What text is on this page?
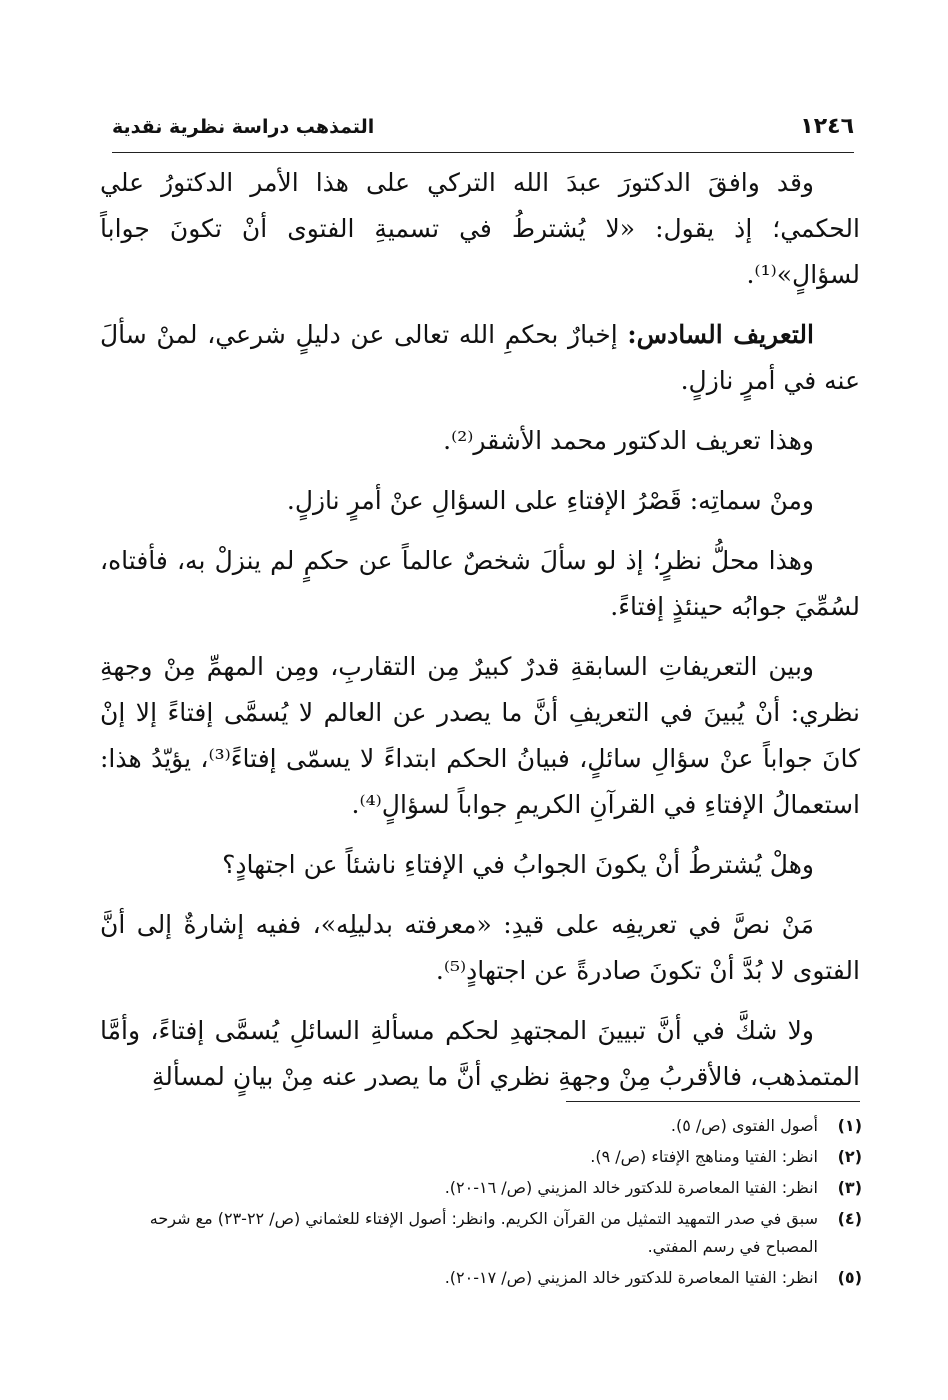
١٢٤٦
التمذهب دراسة نظرية نقدية

وقد وافقَ الدكتورَ عبدَ الله التركي على هذا الأمر الدكتورُ علي الحكمي؛ إذ يقول: «لا يُشترطُ في تسميةِ الفتوى أنْ تكونَ جواباً لسؤالٍ»⁽¹⁾.

التعريف السادس: إخبارٌ بحكمِ الله تعالى عن دليلٍ شرعي، لمنْ سألَ عنه في أمرٍ نازلٍ.

وهذا تعريف الدكتور محمد الأشقر⁽²⁾.

ومنْ سماتِه: قَصْرُ الإفتاءِ على السؤالِ عنْ أمرٍ نازلٍ.

وهذا محلُّ نظرٍ؛ إذ لو سألَ شخصٌ عالماً عن حكمٍ لم ينزلْ به، فأفتاه، لسُمِّيَ جوابُه حينئذٍ إفتاءً.

وبين التعريفاتِ السابقةِ قدرٌ كبيرٌ مِن التقاربِ، ومِن المهمِّ مِنْ وجهةِ نظري: أنْ يُبينَ في التعريفِ أنَّ ما يصدر عن العالم لا يُسمَّى إفتاءً إلا إنْ كانَ جواباً عنْ سؤالِ سائلٍ، فبيانُ الحكم ابتداءً لا يسمّى إفتاءً⁽³⁾، يؤيّدُ هذا: استعمالُ الإفتاءِ في القرآنِ الكريمِ جواباً لسؤالٍ⁽⁴⁾.

وهلْ يُشترطُ أنْ يكونَ الجوابُ في الإفتاءِ ناشئاً عن اجتهادٍ؟

مَنْ نصَّ في تعريفِه على قيدِ: «معرفته بدليلِه»، ففيه إشارةٌ إلى أنَّ الفتوى لا بُدَّ أنْ تكونَ صادرةً عن اجتهادٍ⁽⁵⁾.

ولا شكَّ في أنَّ تبيينَ المجتهدِ لحكم مسألةِ السائلِ يُسمَّى إفتاءً، وأمَّا المتمذهب، فالأقربُ مِنْ وجهةِ نظري أنَّ ما يصدر عنه مِنْ بيانٍ لمسألةِ

(١)
أصول الفتوى (ص/ ٥).
(٢)
انظر: الفتيا ومناهج الإفتاء (ص/ ٩).
(٣)
انظر: الفتيا المعاصرة للدكتور خالد المزيني (ص/ ١٦-٢٠).
(٤)
سبق في صدر التمهيد التمثيل من القرآن الكريم. وانظر: أصول الإفتاء للعثماني (ص/ ٢٢-٢٣) مع شرحه المصباح في رسم المفتي.
(٥)
انظر: الفتيا المعاصرة للدكتور خالد المزيني (ص/ ١٧-٢٠).
